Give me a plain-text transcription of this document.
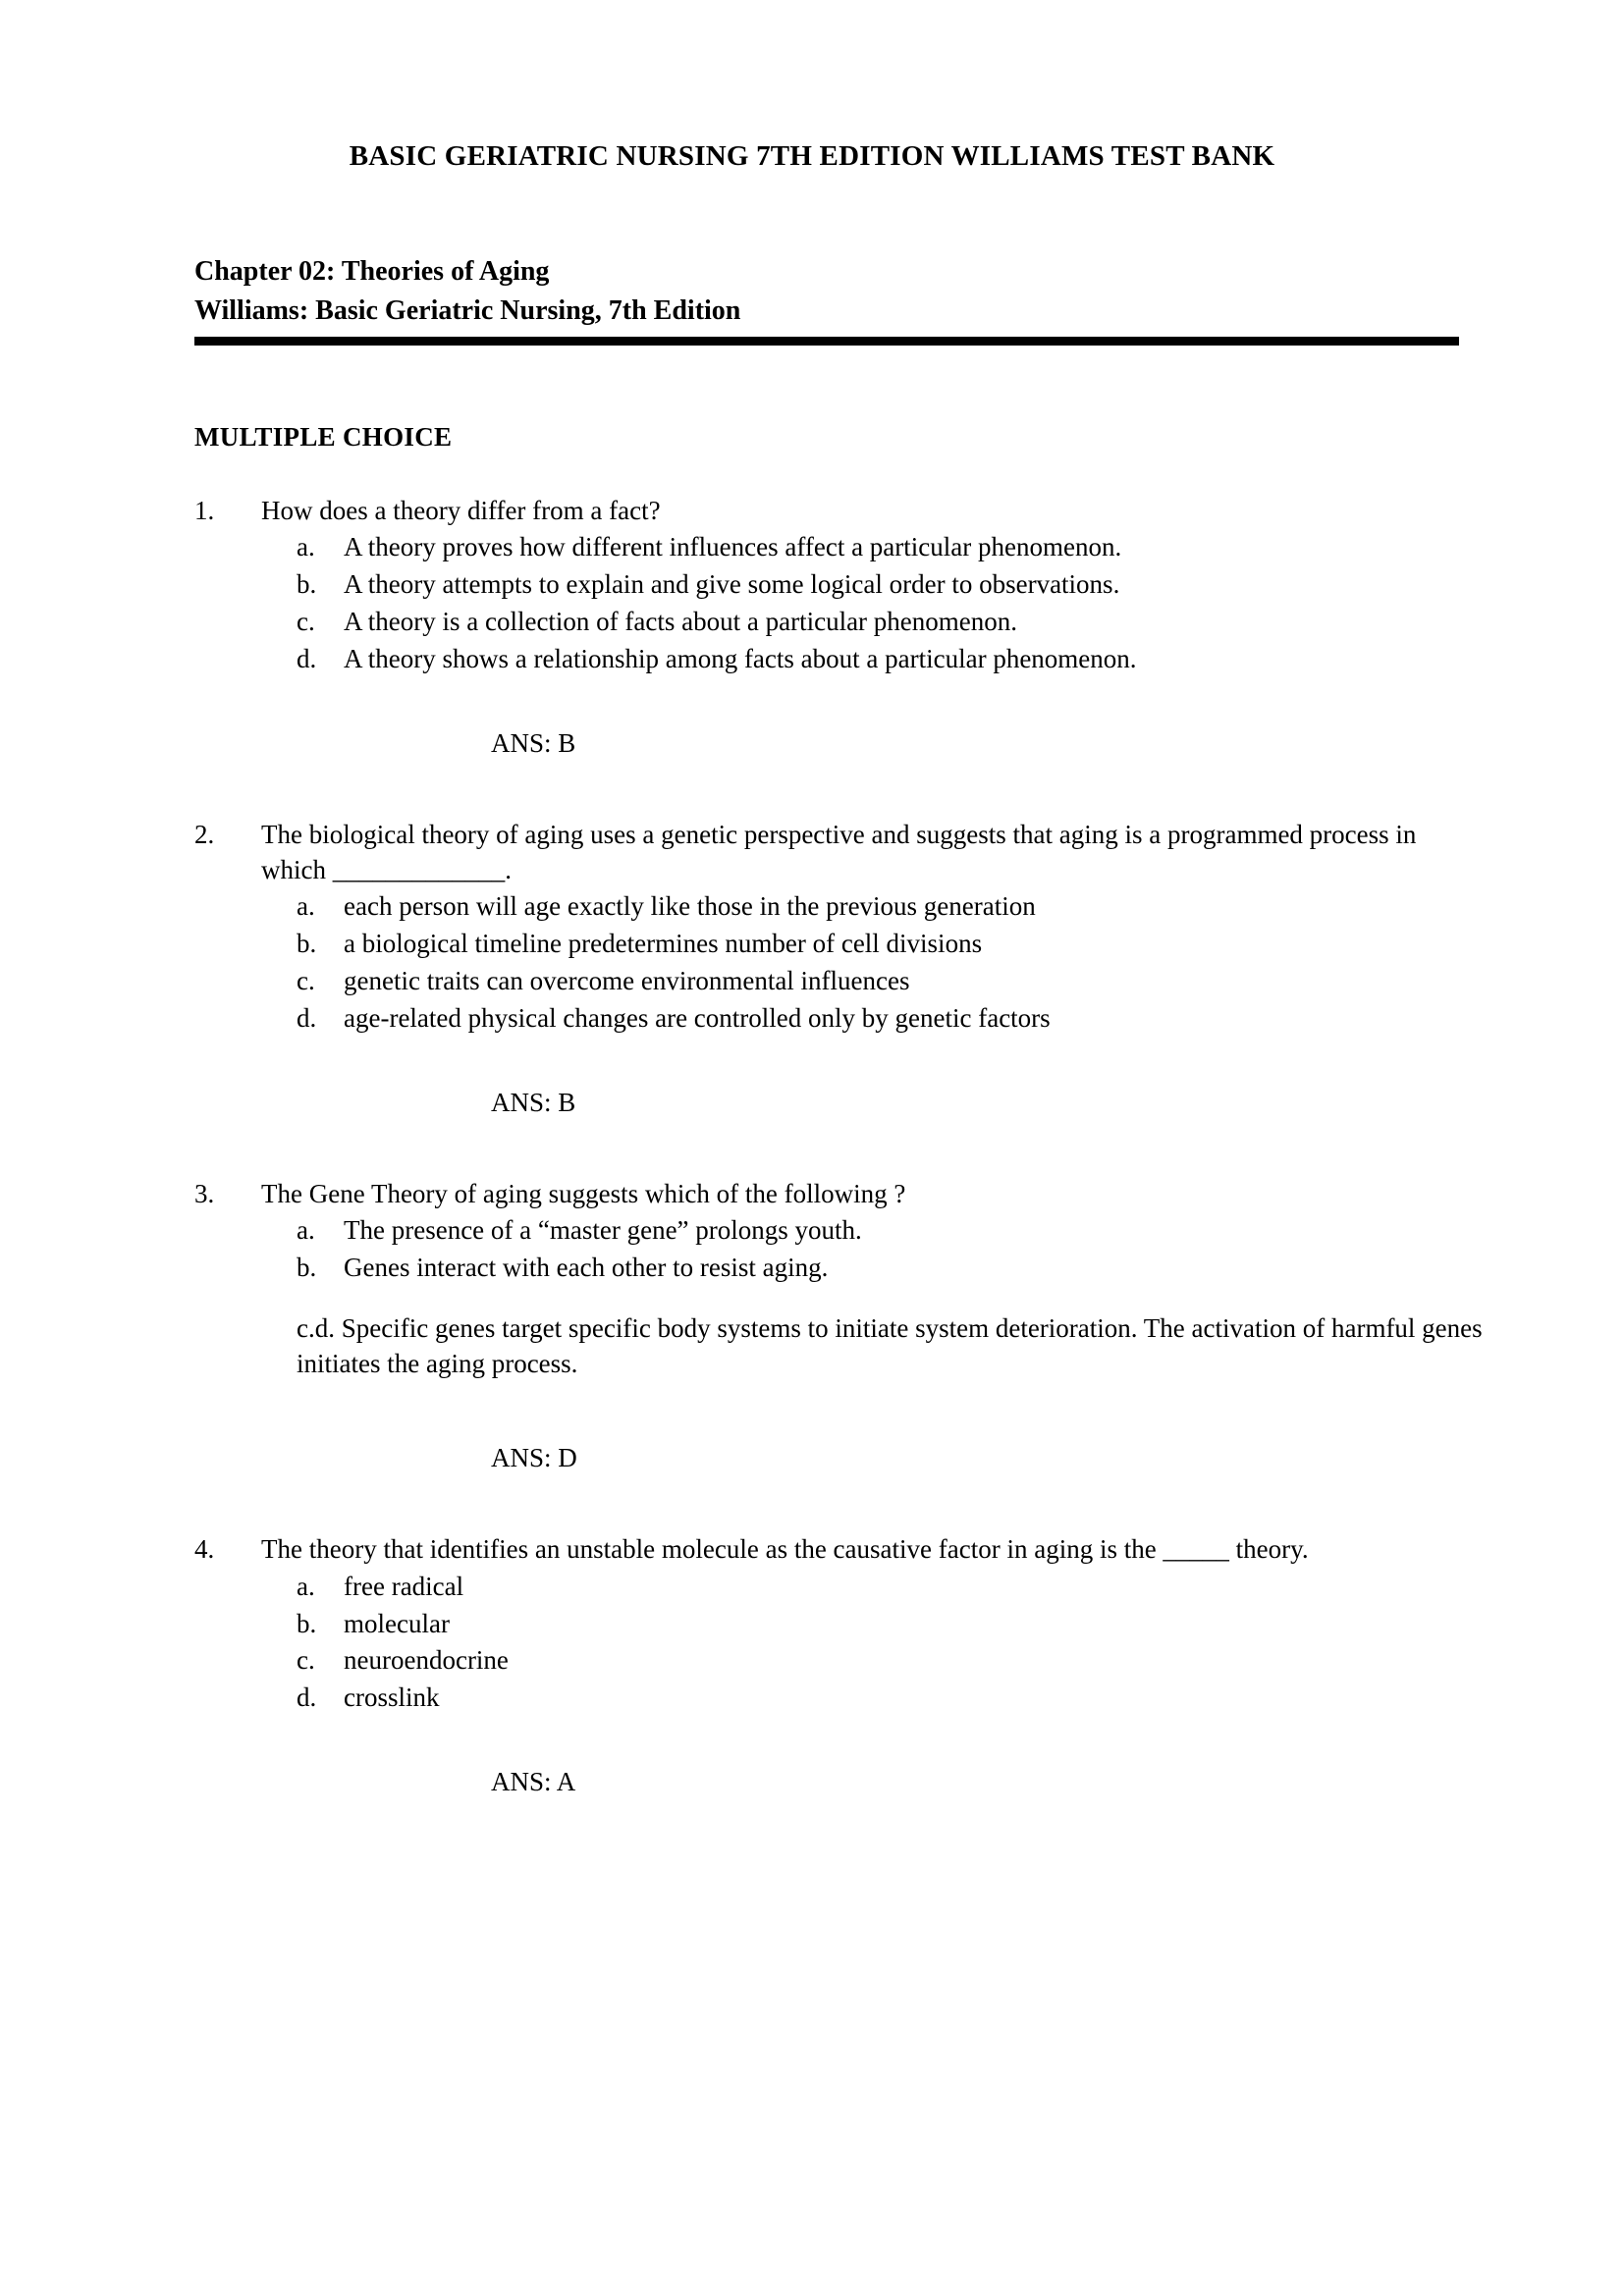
BASIC GERIATRIC NURSING 7TH EDITION WILLIAMS TEST BANK
Chapter 02: Theories of Aging
Williams: Basic Geriatric Nursing, 7th Edition
MULTIPLE CHOICE
1.	How does a theory differ from a fact?
a.	A theory proves how different influences affect a particular phenomenon.
b.	A theory attempts to explain and give some logical order to observations.
c.	A theory is a collection of facts about a particular phenomenon.
d.	A theory shows a relationship among facts about a particular phenomenon.
ANS: B
2.	The biological theory of aging uses a genetic perspective and suggests that aging is a programmed process in which _____________.
a.	each person will age exactly like those in the previous generation
b.	a biological timeline predetermines number of cell divisions
c.	genetic traits can overcome environmental influences
d.	age-related physical changes are controlled only by genetic factors
ANS: B
3.	The Gene Theory of aging suggests which of the following ?
a.	The presence of a “master gene” prolongs youth.
b.	Genes interact with each other to resist aging.
c.d. Specific genes target specific body systems to initiate system deterioration. The activation of harmful genes initiates the aging process.
ANS: D
4.	The theory that identifies an unstable molecule as the causative factor in aging is the _____ theory.
a.	free radical
b.	molecular
c.	neuroendocrine
d.	crosslink
ANS: A
